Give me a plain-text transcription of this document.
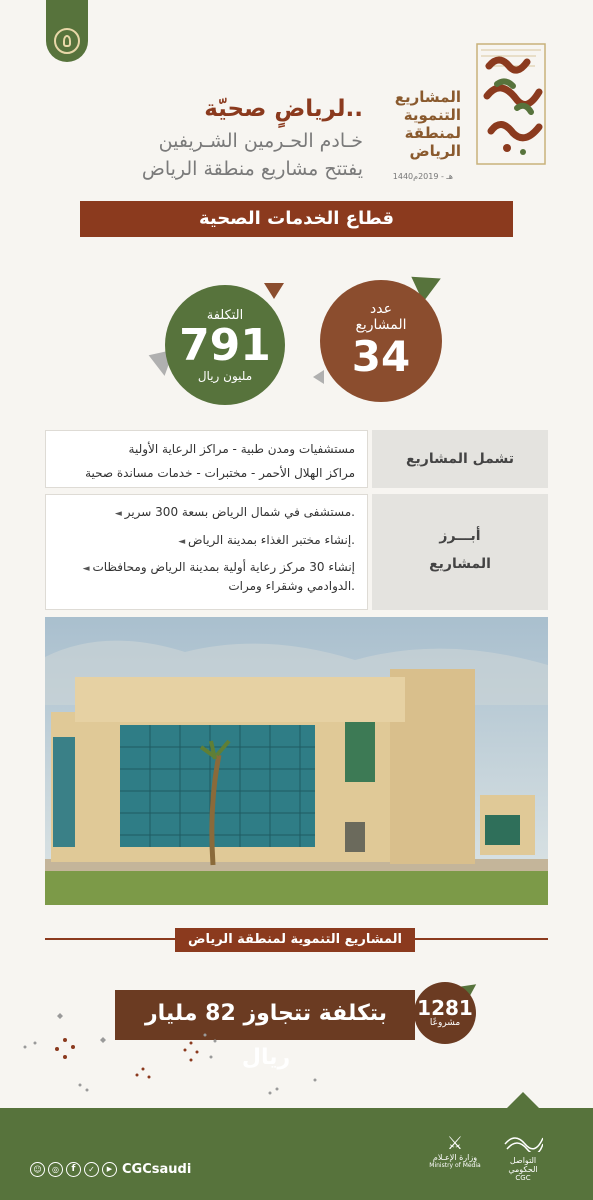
المشاريع
التنموية
لمنطقة
الرياض
1440هـ - 2019م
لرياضٍ صحيّة..
خـادم الحـرمين الشـريفين
يفتتح مشاريع منطقة الرياض
قطاع الخدمات الصحية
التكلفة
791
مليون ريال
عدد
المشاريع
34
تشمل المشاريع
مستشفيات ومدن طبية - مراكز الرعاية الأولية
مراكز الهلال الأحمر - مختبرات - خدمات مساندة صحية
أبـــرز
المشاريع
◄ مستشفى في شمال الرياض بسعة 300 سرير.
◄ إنشاء مختبر الغذاء بمدينة الرياض.
◄ إنشاء 30 مركز رعاية أولية بمدينة الرياض ومحافظات الدوادمي وشقراء ومرات.
المشاريع التنموية لمنطقة الرياض
بتكلفة تتجاوز 82 مليار ريال
1281
مشروعًا
☺	◎	f	✓	▶ CGCsaudi
⚔
وزارة الإعـلام
Ministry of Media
التواصل
الحكومي
CGC
